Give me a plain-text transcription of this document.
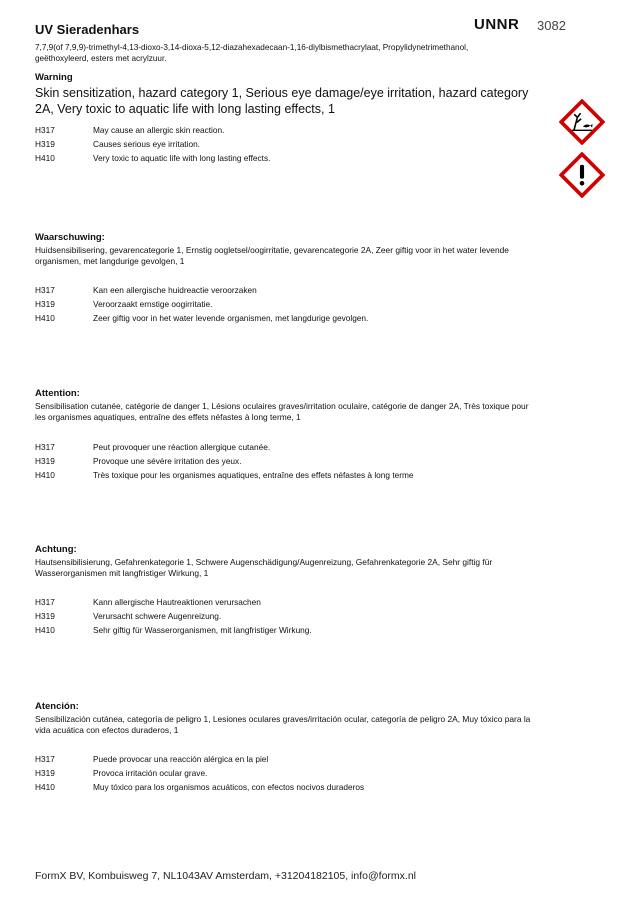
UV Sieradenhars	UNNR 3082
7,7,9(of 7,9,9)-trimethyl-4,13-dioxo-3,14-dioxa-5,12-diazahexadecaan-1,16-diylbismethacrylaat, Propylidynetrimethanol, geëthoxyleerd, esters met acrylzuur.
Warning
Skin sensitization, hazard category 1, Serious eye damage/eye irritation, hazard category 2A, Very toxic to aquatic life with long lasting effects, 1
H317	May cause an allergic skin reaction.
H319	Causes serious eye irritation.
H410	Very toxic to aquatic life with long lasting effects.
Waarschuwing:
Huidsensibilisering, gevarencategorie 1, Ernstig oogletsel/oogirritatie, gevarencategorie 2A, Zeer giftig voor in het water levende organismen, met langdurige gevolgen, 1
H317	Kan een allergische huidreactie veroorzaken
H319	Veroorzaakt ernstige oogirritatie.
H410	Zeer giftig voor in het water levende organismen, met langdurige gevolgen.
Attention:
Sensibilisation cutanée, catégorie de danger 1, Lésions oculaires graves/irritation oculaire, catégorie de danger 2A, Très toxique pour les organismes aquatiques, entraîne des effets néfastes à long terme, 1
H317	Peut provoquer une réaction allergique cutanée.
H319	Provoque une sévère irritation des yeux.
H410	Très toxique pour les organismes aquatiques, entraîne des effets néfastes à long terme
Achtung:
Hautsensibilisierung, Gefahrenkategorie 1, Schwere Augenschädigung/Augenreizung, Gefahrenkategorie 2A, Sehr giftig für Wasserorganismen mit langfristiger Wirkung, 1
H317	Kann allergische Hautreaktionen verursachen
H319	Verursacht schwere Augenreizung.
H410	Sehr giftig für Wasserorganismen, mit langfristiger Wirkung.
Atención:
Sensibilización cutánea, categoría de peligro 1, Lesiones oculares graves/irritación ocular, categoría de peligro 2A, Muy tóxico para la vida acuática con efectos duraderos, 1
H317	Puede provocar una reacción alérgica en la piel
H319	Provoca irritación ocular grave.
H410	Muy tóxico para los organismos acuáticos, con efectos nocivos duraderos
FormX BV, Kombuisweg 7, NL1043AV Amsterdam, +31204182105, info@formx.nl
